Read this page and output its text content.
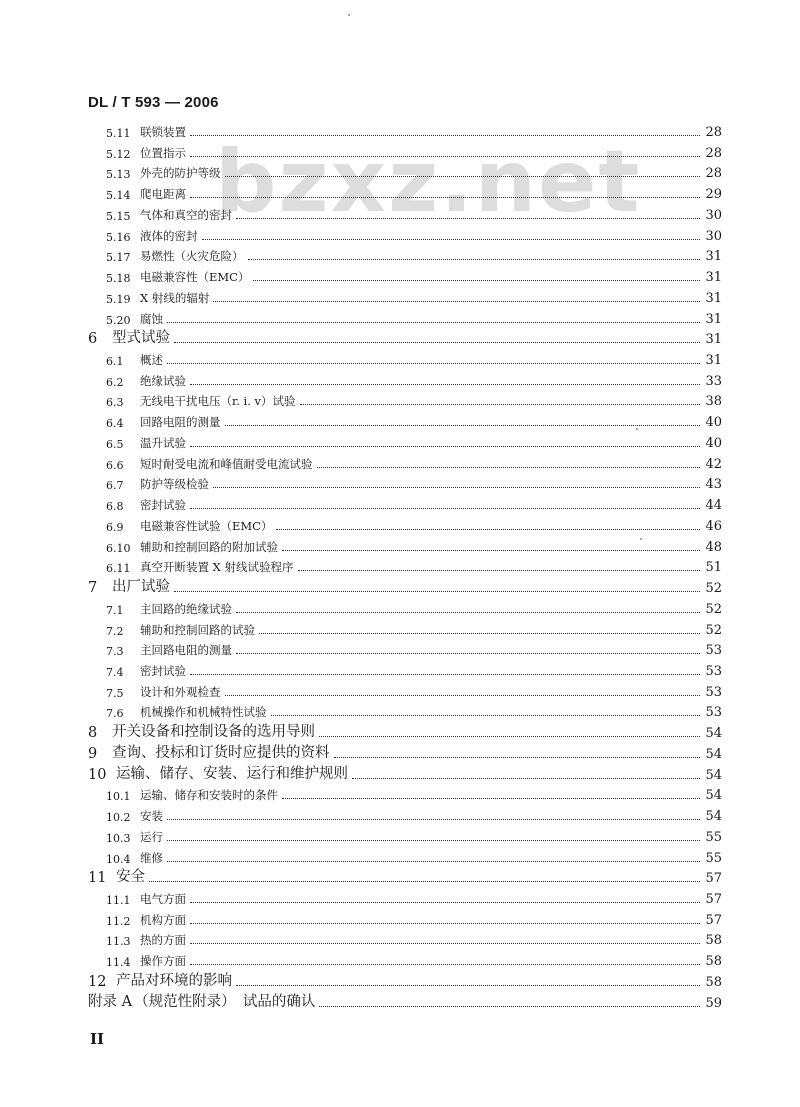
DL / T 593 — 2006
bzxz.net
5.11 联锁装置	28
5.12 位置指示	28
5.13 外壳的防护等级	28
5.14 爬电距离	29
5.15 气体和真空的密封	30
5.16 液体的密封	30
5.17 易燃性（火灾危险）	31
5.18 电磁兼容性（EMC）	31
5.19 X 射线的辐射	31
5.20 腐蚀	31
6	型式试验	31
6.1	概述	31
6.2	绝缘试验	33
6.3	无线电干扰电压（r. i. v）试验	38
6.4	回路电阻的测量	40
6.5	温升试验	40
6.6	短时耐受电流和峰值耐受电流试验	42
6.7	防护等级检验	43
6.8	密封试验	44
6.9	电磁兼容性试验（EMC）	46
6.10 辅助和控制回路的附加试验	48
6.11 真空开断装置 X 射线试验程序	51
7	出厂试验	52
7.1	主回路的绝缘试验	52
7.2	辅助和控制回路的试验	52
7.3	主回路电阻的测量	53
7.4	密封试验	53
7.5	设计和外观检查	53
7.6	机械操作和机械特性试验	53
8	开关设备和控制设备的选用导则	54
9	查询、投标和订货时应提供的资料	54
10 运输、储存、安装、运行和维护规则	54
10.1 运输、储存和安装时的条件	54
10.2 安装	54
10.3 运行	55
10.4 维修	55
11 安全	57
11.1 电气方面	57
11.2 机构方面	57
11.3 热的方面	58
11.4 操作方面	58
12 产品对环境的影响	58
附录 A （规范性附录）　试品的确认	59
II
